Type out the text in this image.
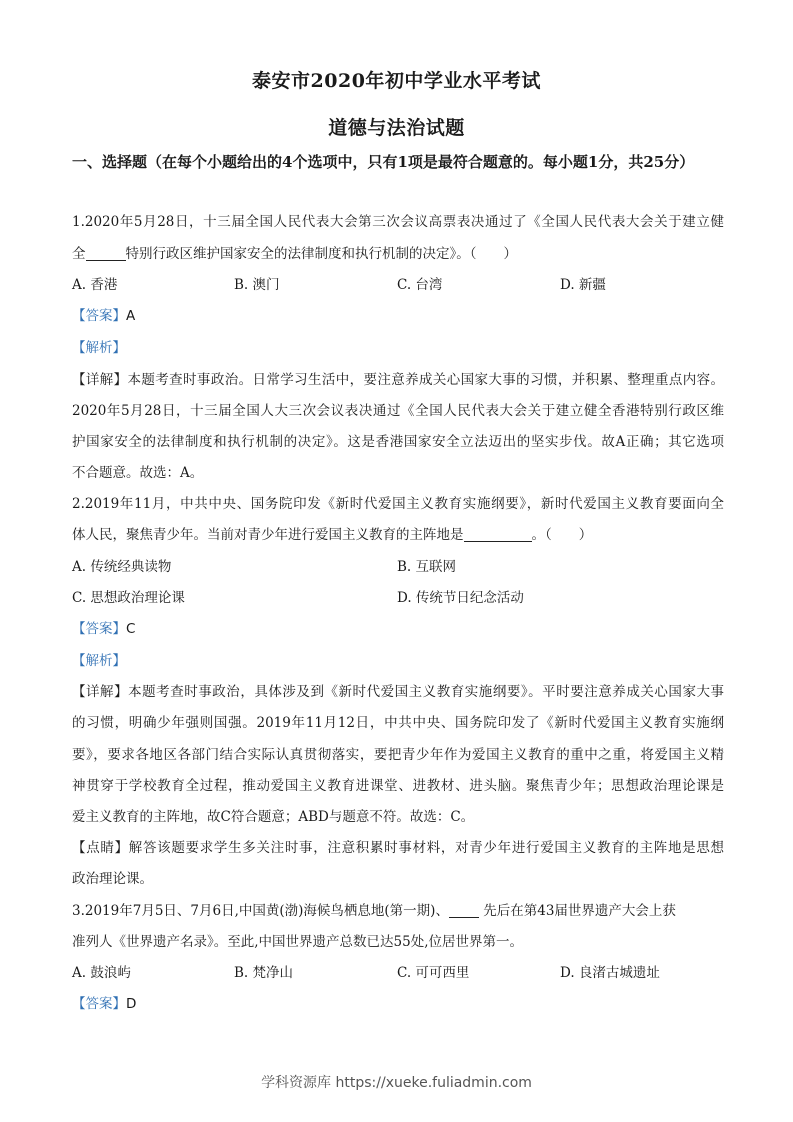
泰安市2020年初中学业水平考试
道德与法治试题
一、选择题（在每个小题给出的4个选项中，只有1项是最符合题意的。每小题1分，共25分）
1.2020年5月28日，十三届全国人民代表大会第三次会议高票表决通过了《全国人民代表大会关于建立健
全	特别行政区维护国家安全的法律制度和执行机制的决定》。（　　）
A. 香港	B. 澳门	C. 台湾	D. 新疆
【答案】A
【解析】
【详解】本题考查时事政治。日常学习生活中，要注意养成关心国家大事的习惯，并积累、整理重点内容。
2020年5月28日，十三届全国人大三次会议表决通过《全国人民代表大会关于建立健全香港特别行政区维
护国家安全的法律制度和执行机制的决定》。这是香港国家安全立法迈出的坚实步伐。故A正确；其它选项
不合题意。故选：A。
2.2019年11月，中共中央、国务院印发《新时代爱国主义教育实施纲要》，新时代爱国主义教育要面向全
体人民，聚焦青少年。当前对青少年进行爱国主义教育的主阵地是	。（　　）
A. 传统经典读物	B. 互联网
C. 思想政治理论课	D. 传统节日纪念活动
【答案】C
【解析】
【详解】本题考查时事政治，具体涉及到《新时代爱国主义教育实施纲要》。平时要注意养成关心国家大事
的习惯，明确少年强则国强。2019年11月12日，中共中央、国务院印发了《新时代爱国主义教育实施纲
要》，要求各地区各部门结合实际认真贯彻落实，要把青少年作为爱国主义教育的重中之重，将爱国主义精
神贯穿于学校教育全过程，推动爱国主义教育进课堂、进教材、进头脑。聚焦青少年；思想政治理论课是
爱主义教育的主阵地，故C符合题意；ABD与题意不符。故选：C。
【点睛】解答该题要求学生多关注时事，注意积累时事材料，对青少年进行爱国主义教育的主阵地是思想
政治理论课。
3.2019年7月5日、7月6日,中国黄(渤)海候鸟栖息地(第一期)、 先后在第43届世界遗产大会上获
准列人《世界遗产名录》。至此,中国世界遗产总数已达55处,位居世界第一。
A. 鼓浪屿	B. 梵净山	C. 可可西里	D. 良渚古城遗址
【答案】D
学科资源库 https://xueke.fuliadmin.com
